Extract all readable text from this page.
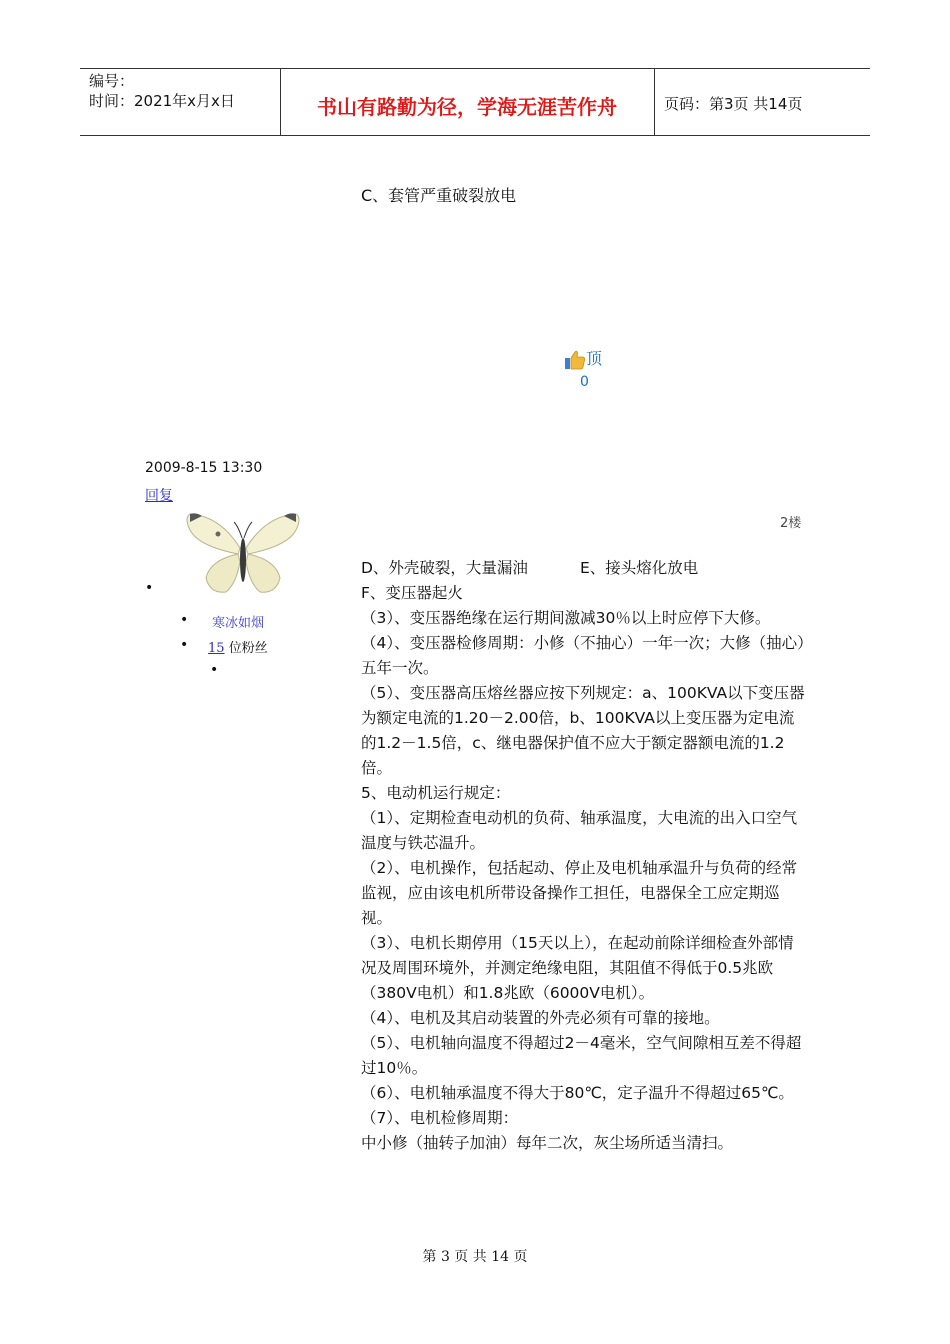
编号：
时间：2021年x月x日	书山有路勤为径，学海无涯苦作舟	页码：第3页 共14页
C、套管严重破裂放电
顶
0
2009-8-15 13:30
回复
2楼
•
• 寒冰如烟
• 15 位粉丝
•

D、外壳破裂，大量漏油	E、接头熔化放电

F、变压器起火

（3）、变压器绝缘在运行期间激减30％以上时应停下大修。

（4）、变压器检修周期：小修（不抽心）一年一次；大修（抽心）五年一次。

（5）、变压器高压熔丝器应按下列规定：a、100KVA以下变压器为额定电流的1.20－2.00倍，b、100KVA以上变压器为定电流的1.2－1.5倍，c、继电器保护值不应大于额定器额电流的1.2倍。

5、电动机运行规定：

（1）、定期检查电动机的负荷、轴承温度，大电流的出入口空气温度与铁芯温升。

（2）、电机操作，包括起动、停止及电机轴承温升与负荷的经常监视，应由该电机所带设备操作工担任，电器保全工应定期巡视。

（3）、电机长期停用（15天以上），在起动前除详细检查外部情况及周围环境外，并测定绝缘电阻，其阻值不得低于0.5兆欧（380V电机）和1.8兆欧（6000V电机）。

（4）、电机及其启动装置的外壳必须有可靠的接地。

（5）、电机轴向温度不得超过2－4毫米，空气间隙相互差不得超过10％。

（6）、电机轴承温度不得大于80℃，定子温升不得超过65℃。

（7）、电机检修周期：

中小修（抽转子加油）每年二次，灰尘场所适当清扫。

第 3 页 共 14 页
